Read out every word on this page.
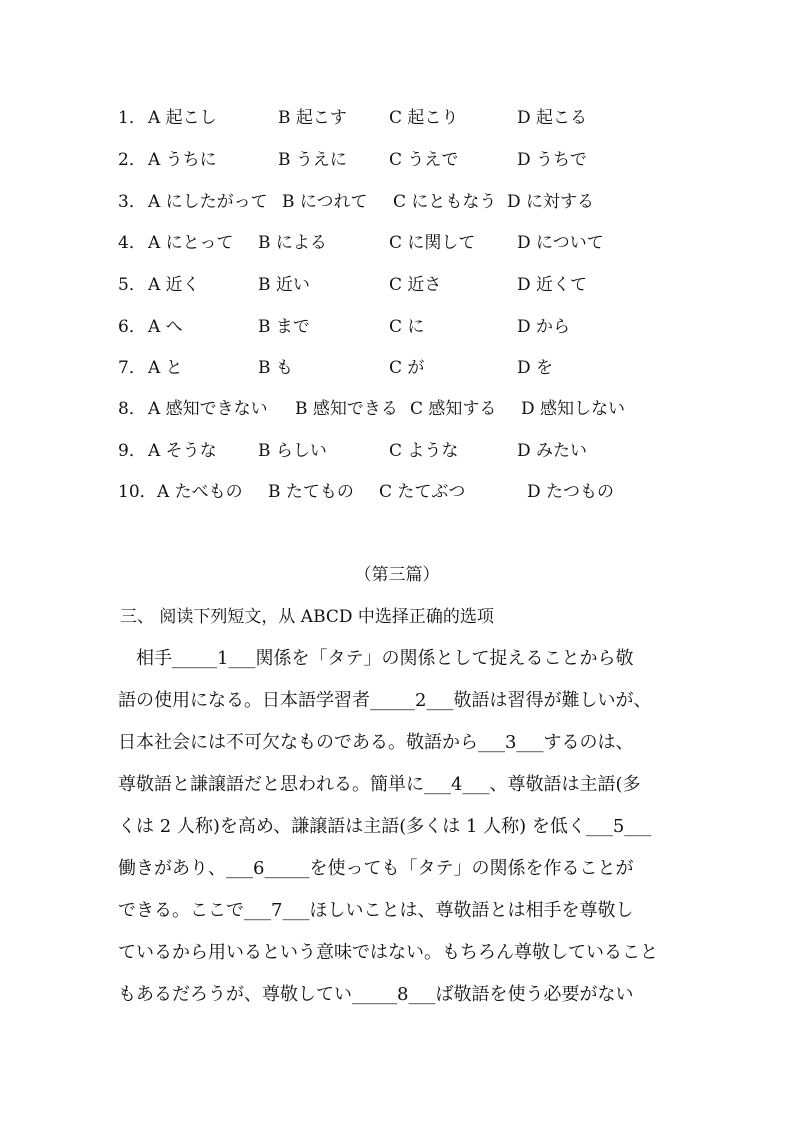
1． A 起こし	B 起こす C 起こり	D 起こる
2． A うちに	B うえに C うえで	D うちで
3． A にしたがって B につれて C にともなう D に対する
4． A にとって B による	C に関して D について
5． A 近く	B 近い	C 近さ	D 近くて
6． A へ	B まで	C に	D から
7． A と	B も	C が	D を
8． A 感知できない B 感知できる C 感知する D 感知しない
9． A そうな B らしい	C ような	D みたい
10． A たべもの B たてもの C たてぶつ	D たつもの
（第三篇）
三、 阅读下列短文，从 ABCD 中选择正确的选项
　相手_____1___関係を「タテ」の関係として捉えることから敬
語の使用になる。日本語学習者_____2___敬語は習得が難しいが、
日本社会には不可欠なものである。敬語から___3___するのは、
尊敬語と謙譲語だと思われる。簡単に___4___、尊敬語は主語(多
くは 2 人称)を高め、謙譲語は主語(多くは 1 人称) を低く___5___
働きがあり、___6_____を使っても「タテ」の関係を作ることが
できる。ここで___7___ほしいことは、尊敬語とは相手を尊敬し
ているから用いるという意味ではない。もちろん尊敬していること
もあるだろうが、尊敬してい_____8___ば敬語を使う必要がない
